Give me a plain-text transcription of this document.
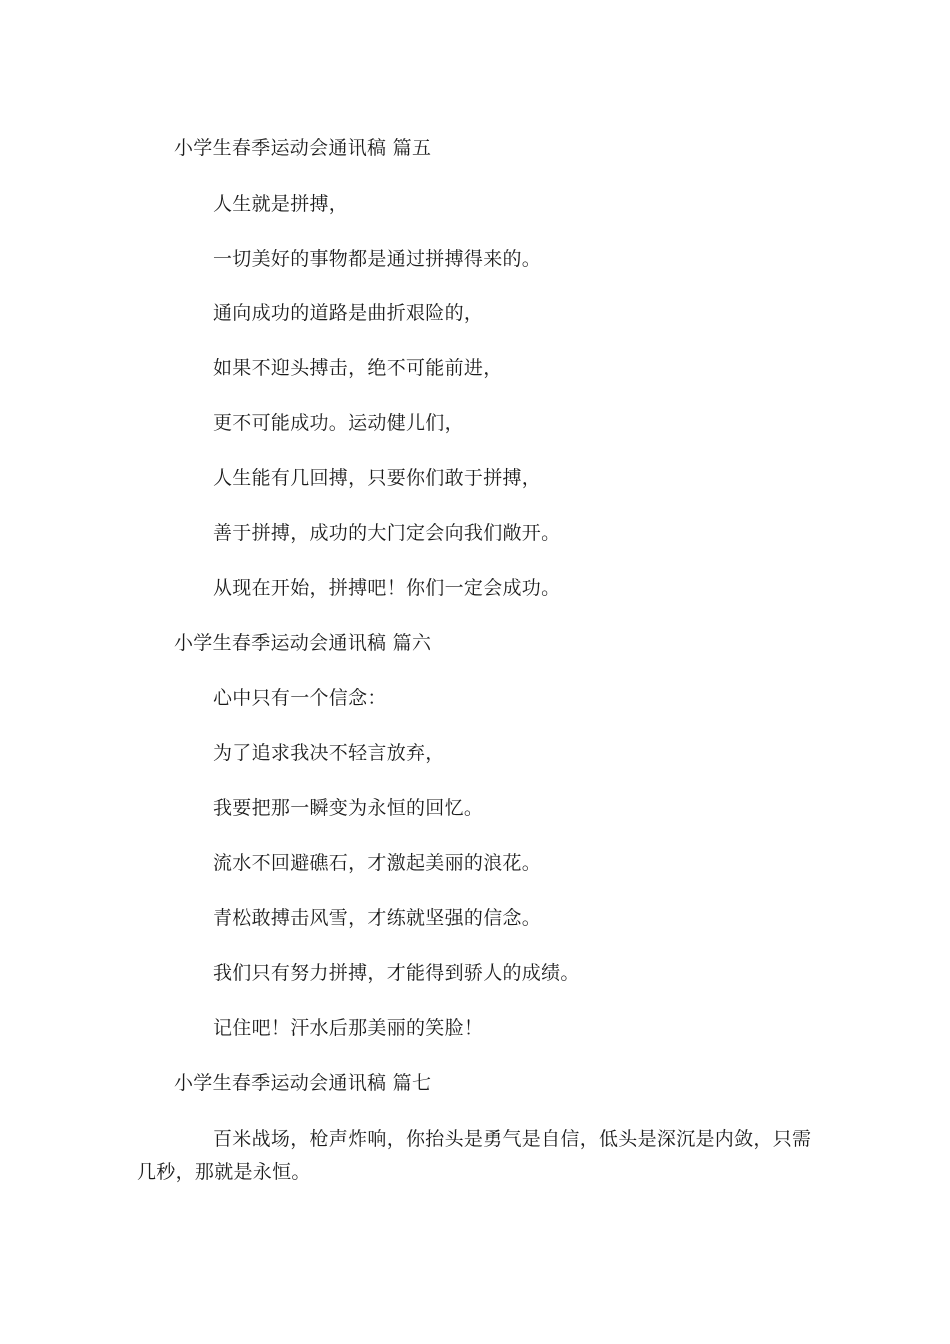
小学生春季运动会通讯稿 篇五
人生就是拼搏，
一切美好的事物都是通过拼搏得来的。
通向成功的道路是曲折艰险的，
如果不迎头搏击，绝不可能前进，
更不可能成功。运动健儿们，
人生能有几回搏，只要你们敢于拼搏，
善于拼搏，成功的大门定会向我们敞开。
从现在开始，拼搏吧！你们一定会成功。
小学生春季运动会通讯稿 篇六
心中只有一个信念：
为了追求我决不轻言放弃，
我要把那一瞬变为永恒的回忆。
流水不回避礁石，才激起美丽的浪花。
青松敢搏击风雪，才练就坚强的信念。
我们只有努力拼搏，才能得到骄人的成绩。
记住吧！汗水后那美丽的笑脸！
小学生春季运动会通讯稿 篇七
百米战场，枪声炸响，你抬头是勇气是自信，低头是深沉是内敛，只需
几秒，那就是永恒。
